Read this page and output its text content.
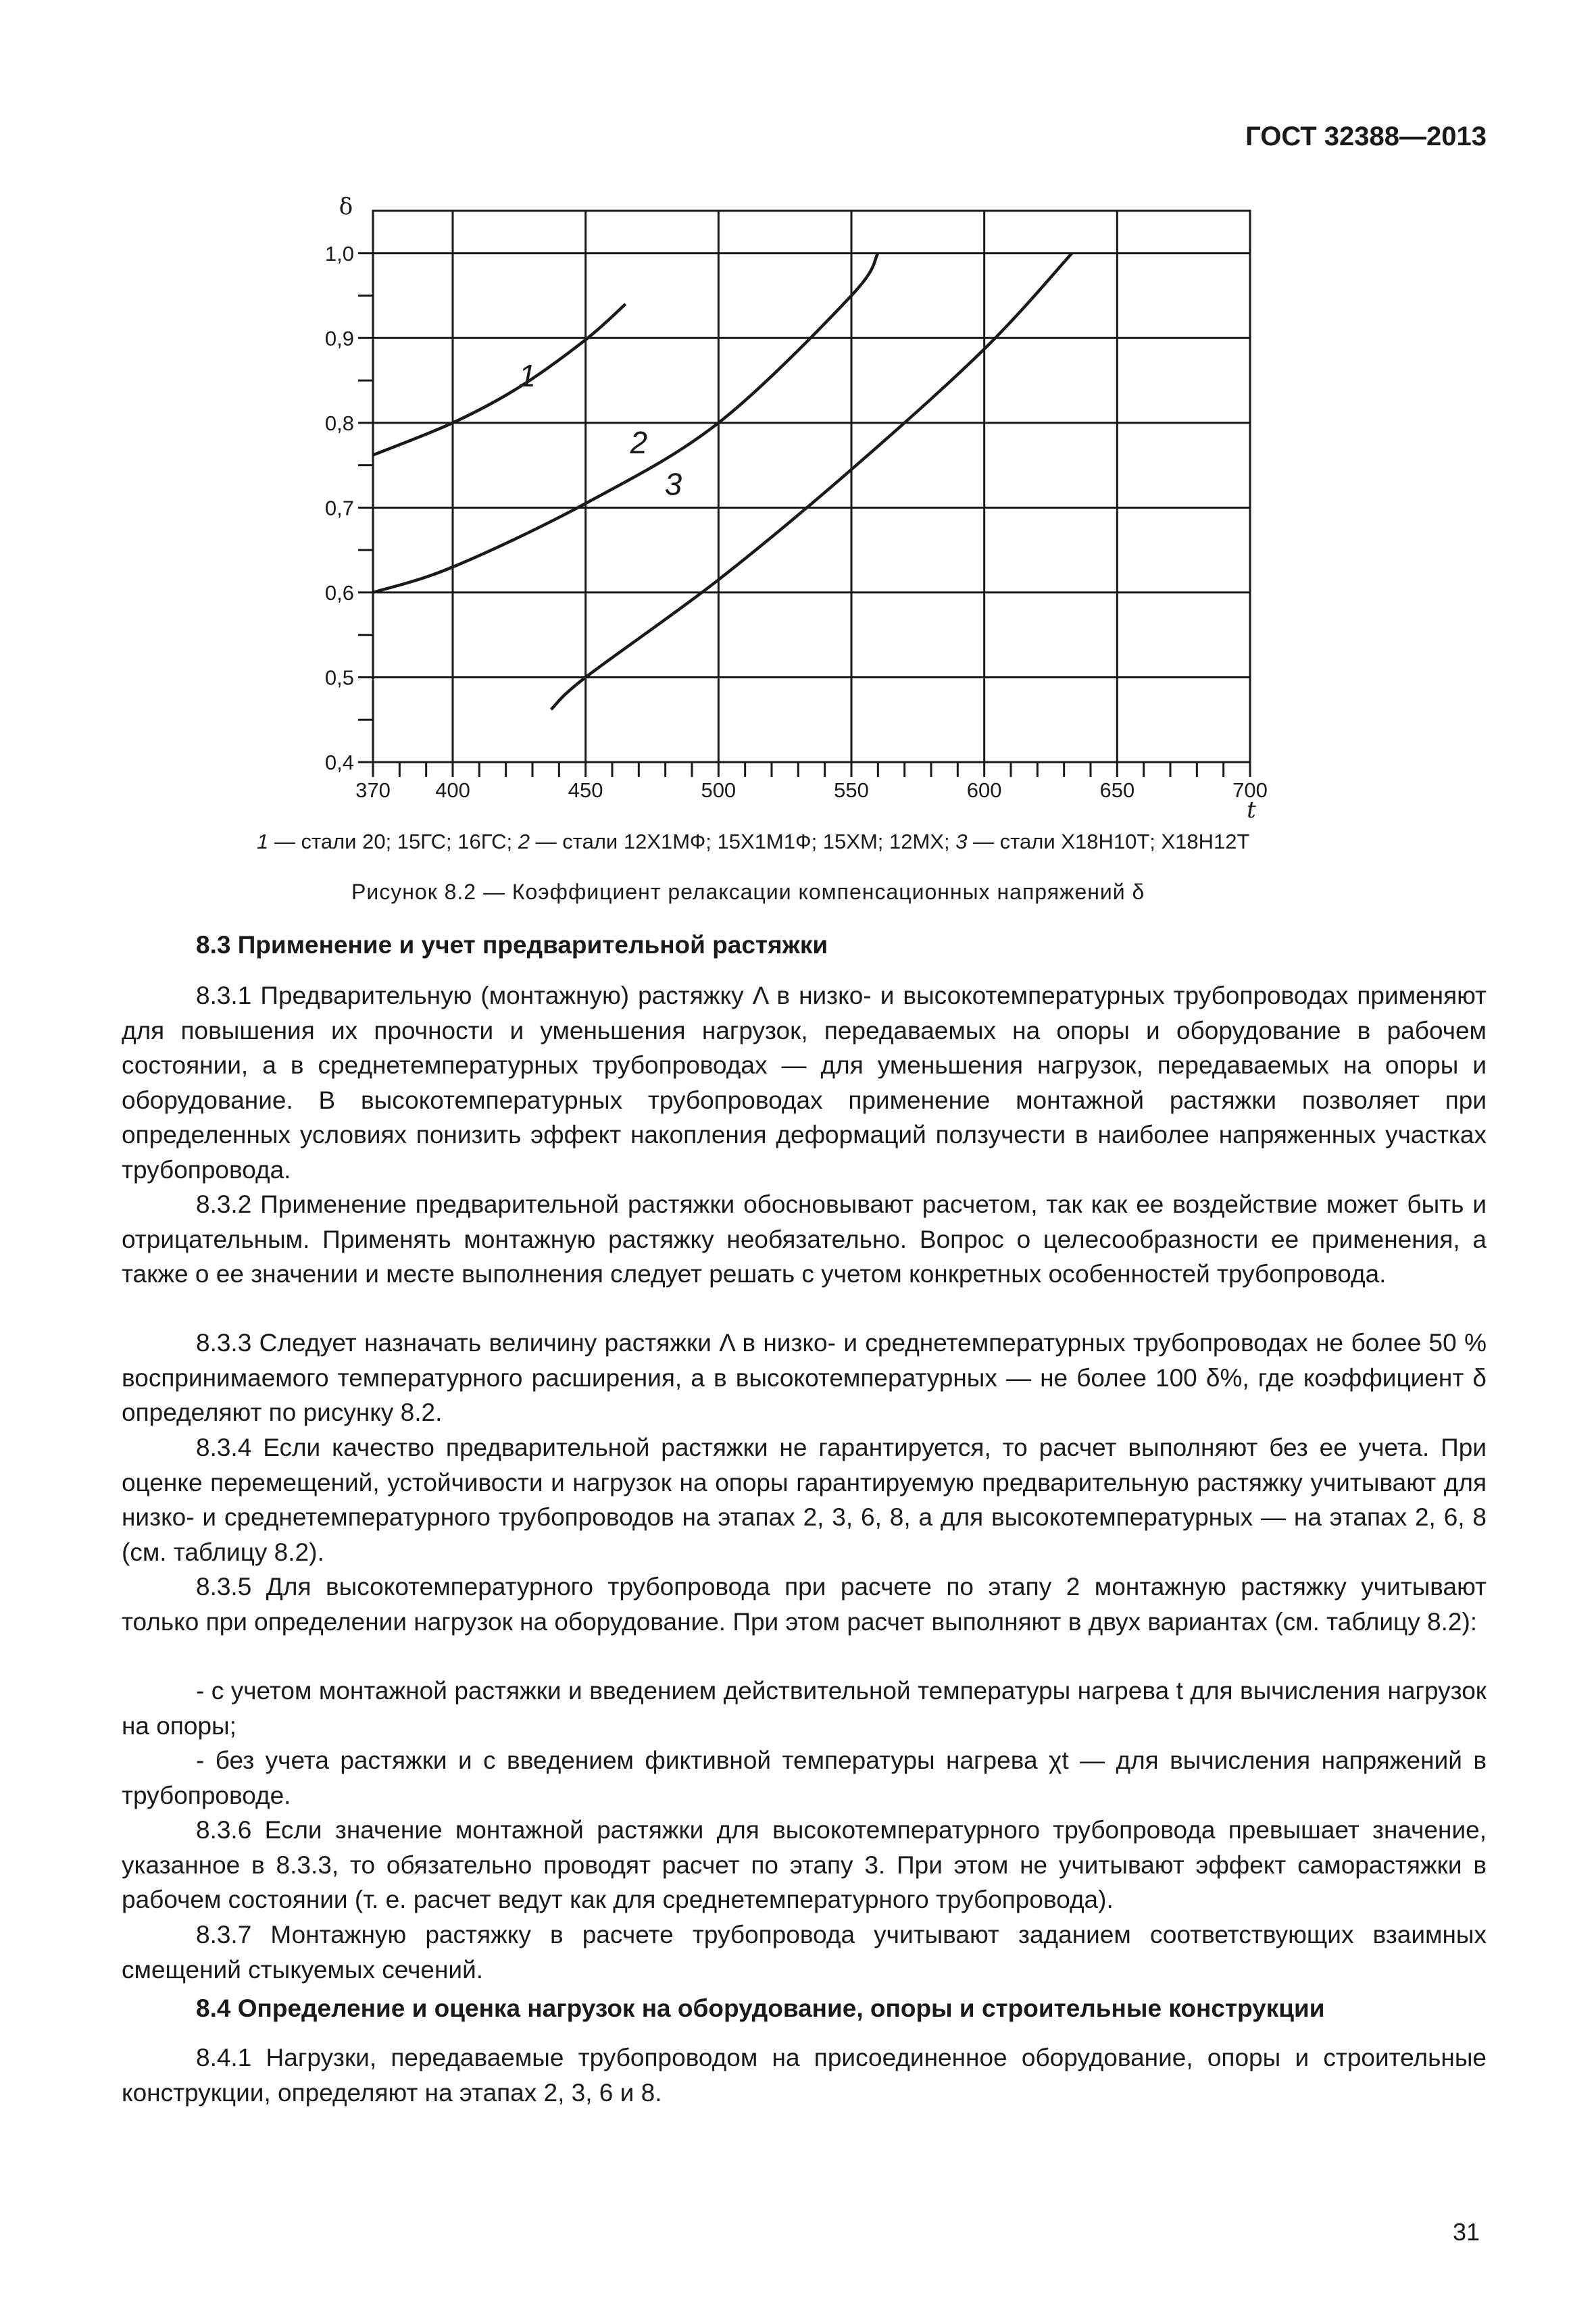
ГОСТ 32388—2013
0,4
0,5
0,6
0,7
0,8
0,9
1,0
370 400	450	500	550	600	650	700
δ
t
1
2
3
1 — стали 20; 15ГС; 16ГС; 2 — стали 12Х1МФ; 15Х1М1Ф; 15ХМ; 12МХ; 3 — стали Х18Н10Т; Х18Н12Т
Рисунок 8.2 — Коэффициент релаксации компенсационных напряжений δ
8.3 Применение и учет предварительной растяжки
8.3.1 Предварительную (монтажную) растяжку Λ в низко- и высокотемпературных трубопроводах применяют для повышения их прочности и уменьшения нагрузок, передаваемых на опоры и оборудование в рабочем состоянии, а в среднетемпературных трубопроводах — для уменьшения нагрузок, передаваемых на опоры и оборудование. В высокотемпературных трубопроводах применение монтажной растяжки позволяет при определенных условиях понизить эффект накопления деформаций ползучести в наиболее напряженных участках трубопровода.
8.3.2 Применение предварительной растяжки обосновывают расчетом, так как ее воздействие может быть и отрицательным. Применять монтажную растяжку необязательно. Вопрос о целесообразности ее применения, а также о ее значении и месте выполнения следует решать с учетом конкретных особенностей трубопровода.
8.3.3 Следует назначать величину растяжки Λ в низко- и среднетемпературных трубопроводах не более 50 % воспринимаемого температурного расширения, а в высокотемпературных — не более 100 δ%, где коэффициент δ определяют по рисунку 8.2.
8.3.4 Если качество предварительной растяжки не гарантируется, то расчет выполняют без ее учета. При оценке перемещений, устойчивости и нагрузок на опоры гарантируемую предварительную растяжку учитывают для низко- и среднетемпературного трубопроводов на этапах 2, 3, 6, 8, а для высокотемпературных — на этапах 2, 6, 8 (см. таблицу 8.2).
8.3.5 Для высокотемпературного трубопровода при расчете по этапу 2 монтажную растяжку учитывают только при определении нагрузок на оборудование. При этом расчет выполняют в двух вариантах (см. таблицу 8.2):
- с учетом монтажной растяжки и введением действительной температуры нагрева t для вычисления нагрузок на опоры;
- без учета растяжки и с введением фиктивной температуры нагрева χt — для вычисления напряжений в трубопроводе.
8.3.6 Если значение монтажной растяжки для высокотемпературного трубопровода превышает значение, указанное в 8.3.3, то обязательно проводят расчет по этапу 3. При этом не учитывают эффект саморастяжки в рабочем состоянии (т. е. расчет ведут как для среднетемпературного трубопровода).
8.3.7 Монтажную растяжку в расчете трубопровода учитывают заданием соответствующих взаимных смещений стыкуемых сечений.
8.4 Определение и оценка нагрузок на оборудование, опоры и строительные конструкции
8.4.1 Нагрузки, передаваемые трубопроводом на присоединенное оборудование, опоры и строительные конструкции, определяют на этапах 2, 3, 6 и 8.
31
